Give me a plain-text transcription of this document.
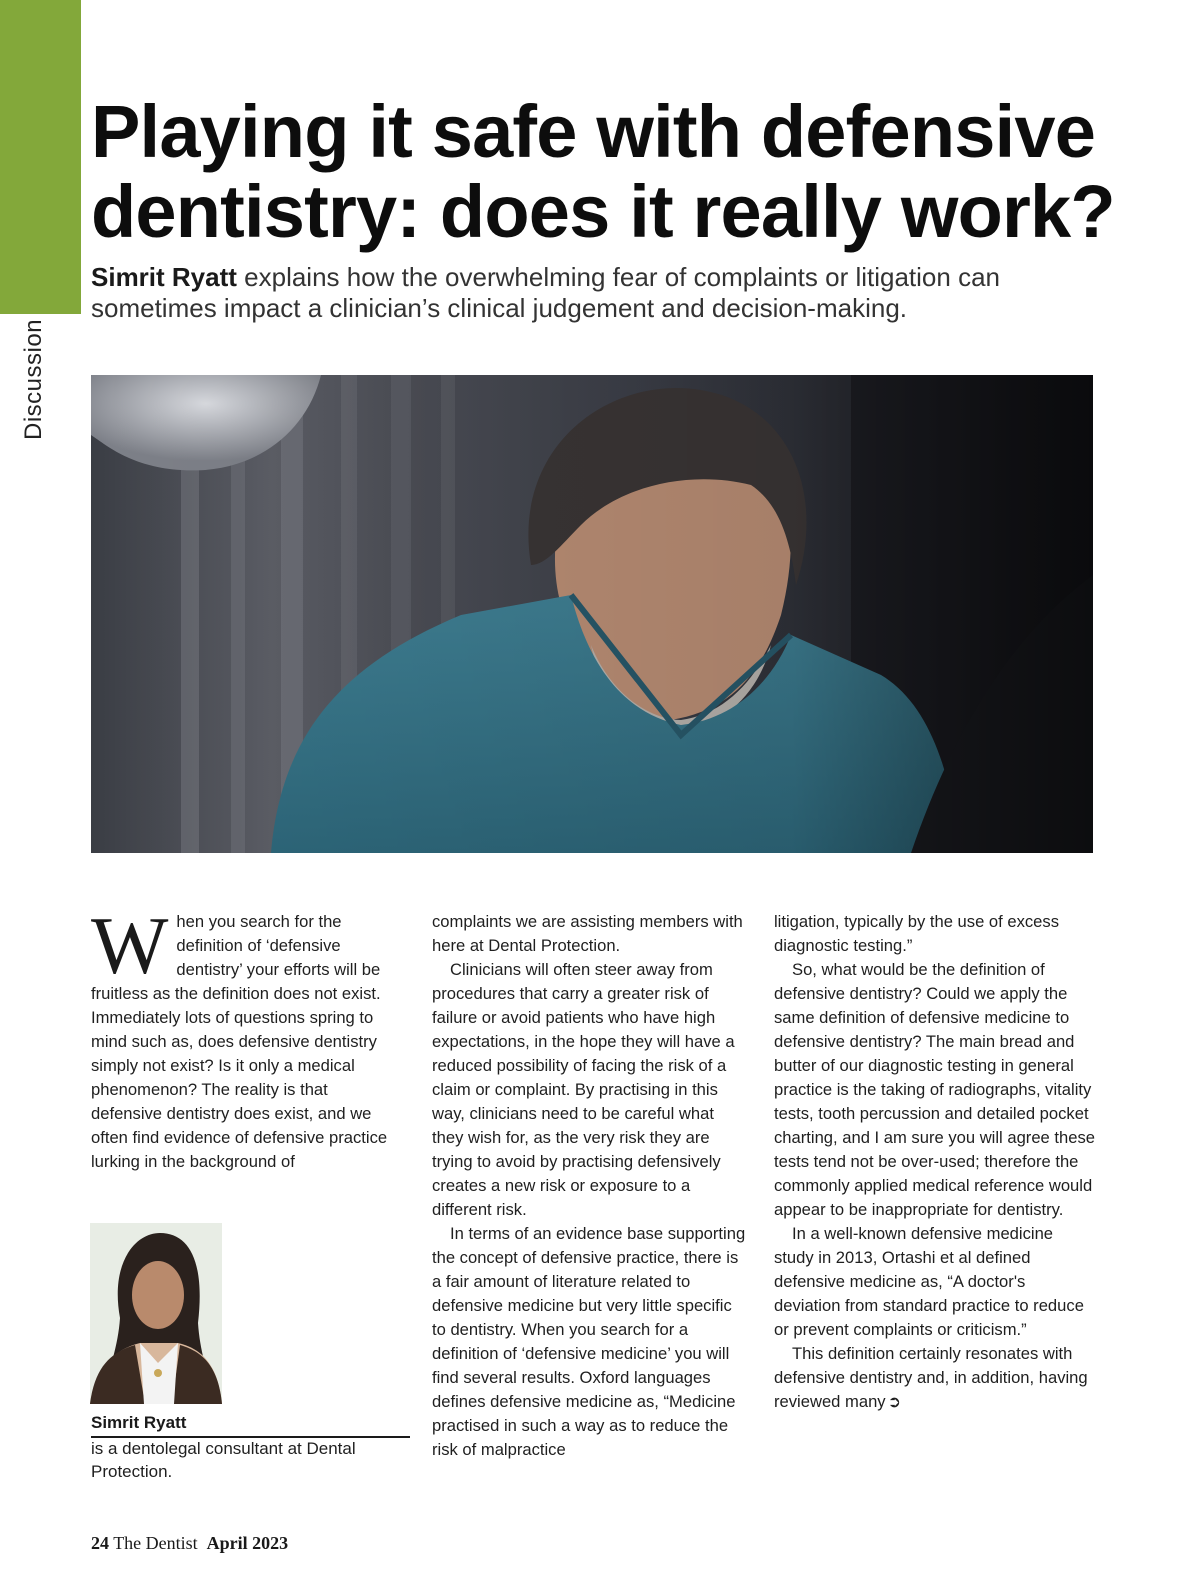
Discussion
Playing it safe with defensive dentistry: does it really work?
Simrit Ryatt explains how the overwhelming fear of complaints or litigation can sometimes impact a clinician’s clinical judgement and decision-making.

When you search for the definition of ‘defensive dentistry’ your efforts will be fruitless as the definition does not exist. Immediately lots of questions spring to mind such as, does defensive dentistry simply not exist? Is it only a medical phenomenon? The reality is that defensive dentistry does exist, and we often find evidence of defensive practice lurking in the background of

complaints we are assisting members with here at Dental Protection.

Clinicians will often steer away from procedures that carry a greater risk of failure or avoid patients who have high expectations, in the hope they will have a reduced possibility of facing the risk of a claim or complaint. By practising in this way, clinicians need to be careful what they wish for, as the very risk they are trying to avoid by practising defensively creates a new risk or exposure to a different risk.

In terms of an evidence base supporting the concept of defensive practice, there is a fair amount of literature related to defensive medicine but very little specific to dentistry. When you search for a definition of ‘defensive medicine’ you will find several results. Oxford languages defines defensive medicine as, “Medicine practised in such a way as to reduce the risk of malpractice

litigation, typically by the use of excess diagnostic testing.”

So, what would be the definition of defensive dentistry? Could we apply the same definition of defensive medicine to defensive dentistry? The main bread and butter of our diagnostic testing in general practice is the taking of radiographs, vitality tests, tooth percussion and detailed pocket charting, and I am sure you will agree these tests tend not be over-used; therefore the commonly applied medical reference would appear to be inappropriate for dentistry.

In a well-known defensive medicine study in 2013, Ortashi et al defined defensive medicine as, “A doctor's deviation from standard practice to reduce or prevent complaints or criticism.”

This definition certainly resonates with defensive dentistry and, in addition, having reviewed many ➲

Simrit Ryatt
is a dentolegal consultant at Dental Protection.
24 The Dentist April 2023
